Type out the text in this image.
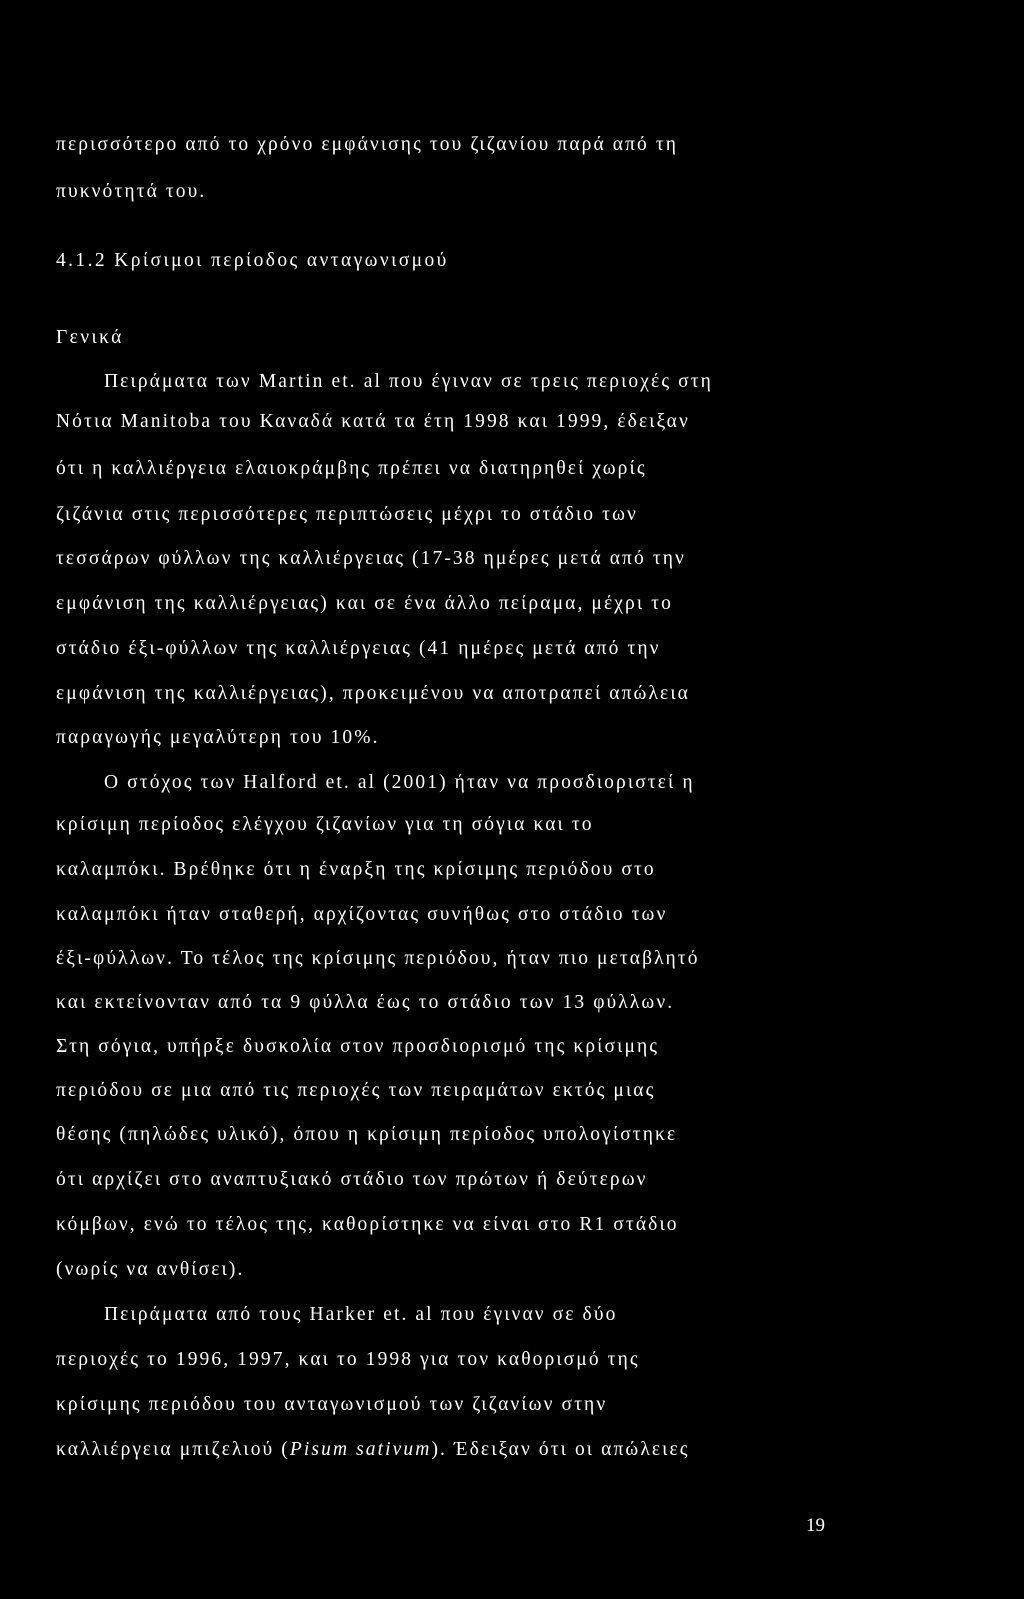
περισσότερο από το χρόνο εμφάνισης του ζιζανίου παρά από τη
πυκνότητά του.
4.1.2 Κρίσιμοι περίοδος ανταγωνισμού
Γενικά
Πειράματα των Martin et. al που έγιναν σε τρεις περιοχές στη
Νότια Manitoba του Καναδά κατά τα έτη 1998 και 1999, έδειξαν
ότι η καλλιέργεια ελαιοκράμβης πρέπει να διατηρηθεί χωρίς
ζιζάνια στις περισσότερες περιπτώσεις μέχρι το στάδιο των
τεσσάρων φύλλων της καλλιέργειας (17-38 ημέρες μετά από την
εμφάνιση της καλλιέργειας) και σε ένα άλλο πείραμα, μέχρι το
στάδιο έξι-φύλλων της καλλιέργειας (41 ημέρες μετά από την
εμφάνιση της καλλιέργειας), προκειμένου να αποτραπεί απώλεια
παραγωγής μεγαλύτερη του 10%.
Ο στόχος των Halford et. al (2001) ήταν να προσδιοριστεί η
κρίσιμη περίοδος ελέγχου ζιζανίων για τη σόγια και το
καλαμπόκι. Βρέθηκε ότι η έναρξη της κρίσιμης περιόδου στο
καλαμπόκι ήταν σταθερή, αρχίζοντας συνήθως στο στάδιο των
έξι-φύλλων. Το τέλος της κρίσιμης περιόδου, ήταν πιο μεταβλητό
και εκτείνονταν από τα 9 φύλλα έως το στάδιο των 13 φύλλων.
Στη σόγια, υπήρξε δυσκολία στον προσδιορισμό της κρίσιμης
περιόδου σε μια από τις περιοχές των πειραμάτων εκτός μιας
θέσης (πηλώδες υλικό), όπου η κρίσιμη περίοδος υπολογίστηκε
ότι αρχίζει στο αναπτυξιακό στάδιο των πρώτων ή δεύτερων
κόμβων, ενώ το τέλος της, καθορίστηκε να είναι στο R1 στάδιο
(νωρίς να ανθίσει).
Πειράματα από τους Harker et. al που έγιναν σε δύο
περιοχές το 1996, 1997, και το 1998 για τον καθορισμό της
κρίσιμης περιόδου του ανταγωνισμού των ζιζανίων στην
καλλιέργεια μπιζελιού (Pisum sativum). Έδειξαν ότι οι απώλειες
19
